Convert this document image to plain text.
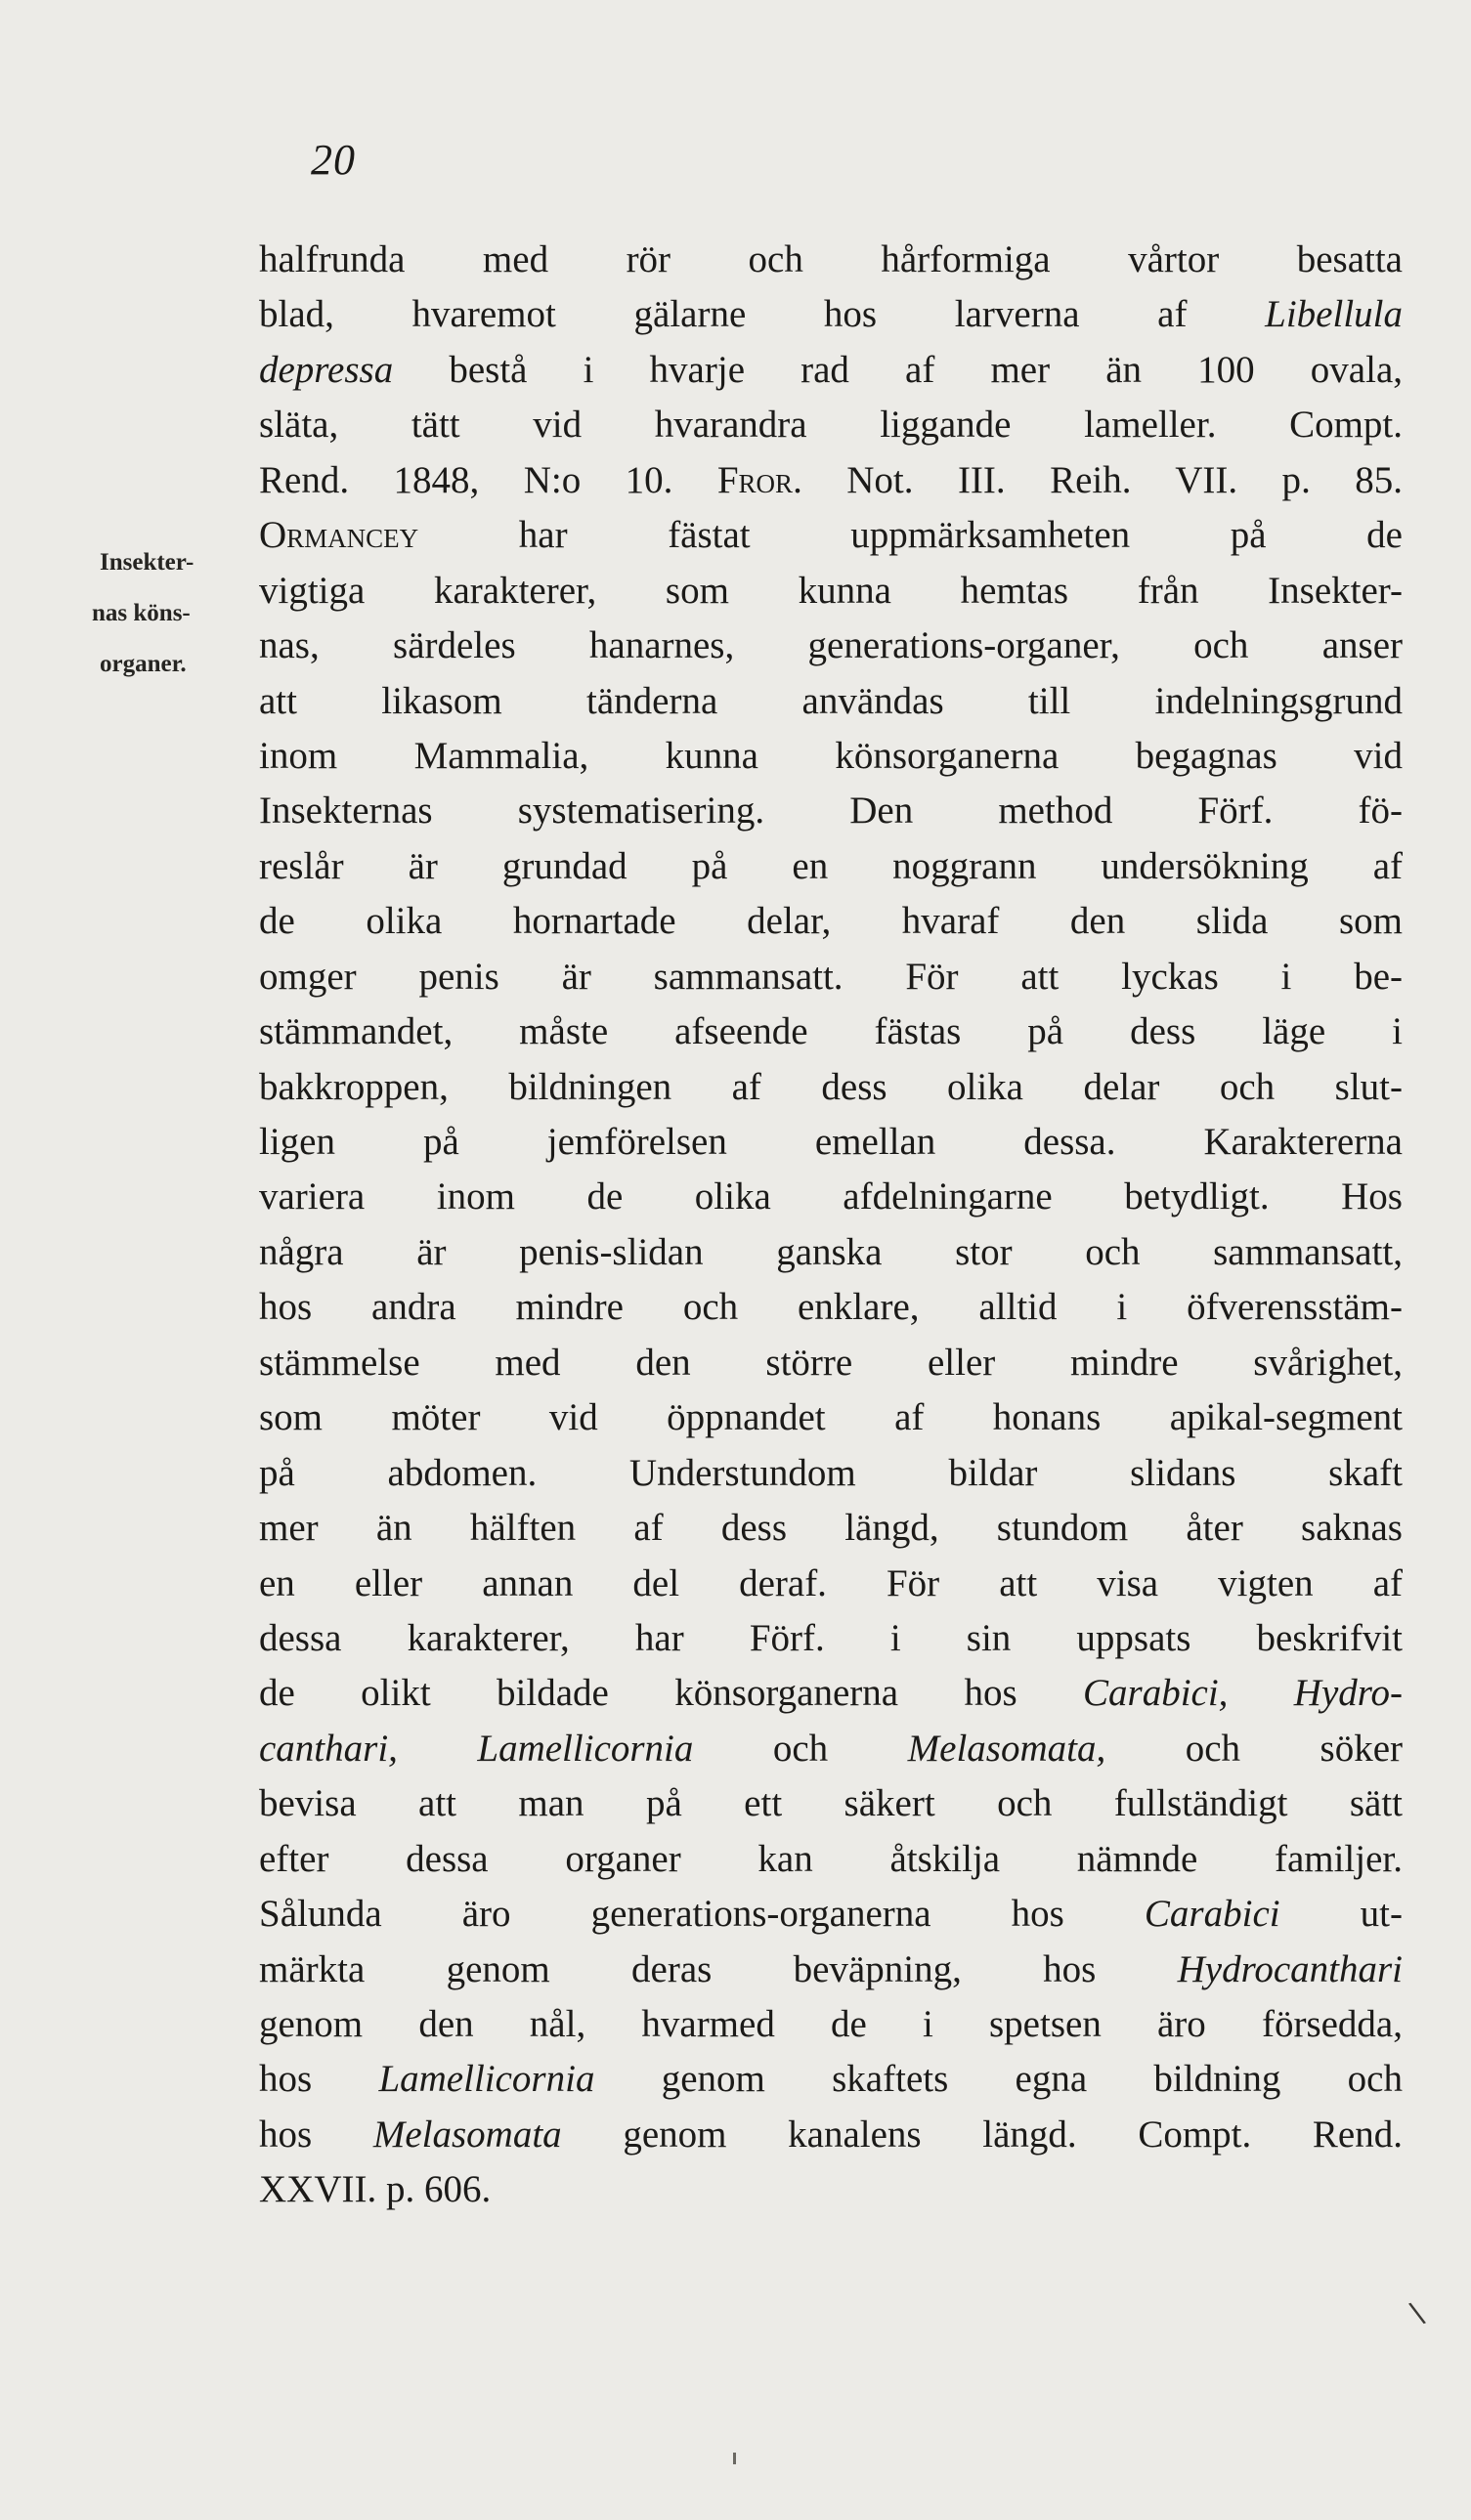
20
Insekter-
nas köns-
organer.
halfrunda med rör och hårformiga vårtor besatta
blad, hvaremot gälarne hos larverna af Libellula
depressa bestå i hvarje rad af mer än 100 ovala,
släta, tätt vid hvarandra liggande lameller. Compt.
Rend. 1848, N:o 10. Fror. Not. III. Reih. VII. p. 85.
Ormancey har fästat uppmärksamheten på de
vigtiga karakterer, som kunna hemtas från Insekter-
nas, särdeles hanarnes, generations-organer, och anser
att likasom tänderna användas till indelningsgrund
inom Mammalia, kunna könsorganerna begagnas vid
Insekternas systematisering. Den method Förf. fö-
reslår är grundad på en noggrann undersökning af
de olika hornartade delar, hvaraf den slida som
omger penis är sammansatt. För att lyckas i be-
stämmandet, måste afseende fästas på dess läge i
bakkroppen, bildningen af dess olika delar och slut-
ligen på jemförelsen emellan dessa. Karaktererna
variera inom de olika afdelningarne betydligt. Hos
några är penis-slidan ganska stor och sammansatt,
hos andra mindre och enklare, alltid i öfverensstäm-
stämmelse med den större eller mindre svårighet,
som möter vid öppnandet af honans apikal-segment
på abdomen. Understundom bildar slidans skaft
mer än hälften af dess längd, stundom åter saknas
en eller annan del deraf. För att visa vigten af
dessa karakterer, har Förf. i sin uppsats beskrifvit
de olikt bildade könsorganerna hos Carabici, Hydro-
canthari, Lamellicornia och Melasomata, och söker
bevisa att man på ett säkert och fullständigt sätt
efter dessa organer kan åtskilja nämnde familjer.
Sålunda äro generations-organerna hos Carabici ut-
märkta genom deras beväpning, hos Hydrocanthari
genom den nål, hvarmed de i spetsen äro försedda,
hos Lamellicornia genom skaftets egna bildning och
hos Melasomata genom kanalens längd. Compt. Rend.
XXVII. p. 606.
\
